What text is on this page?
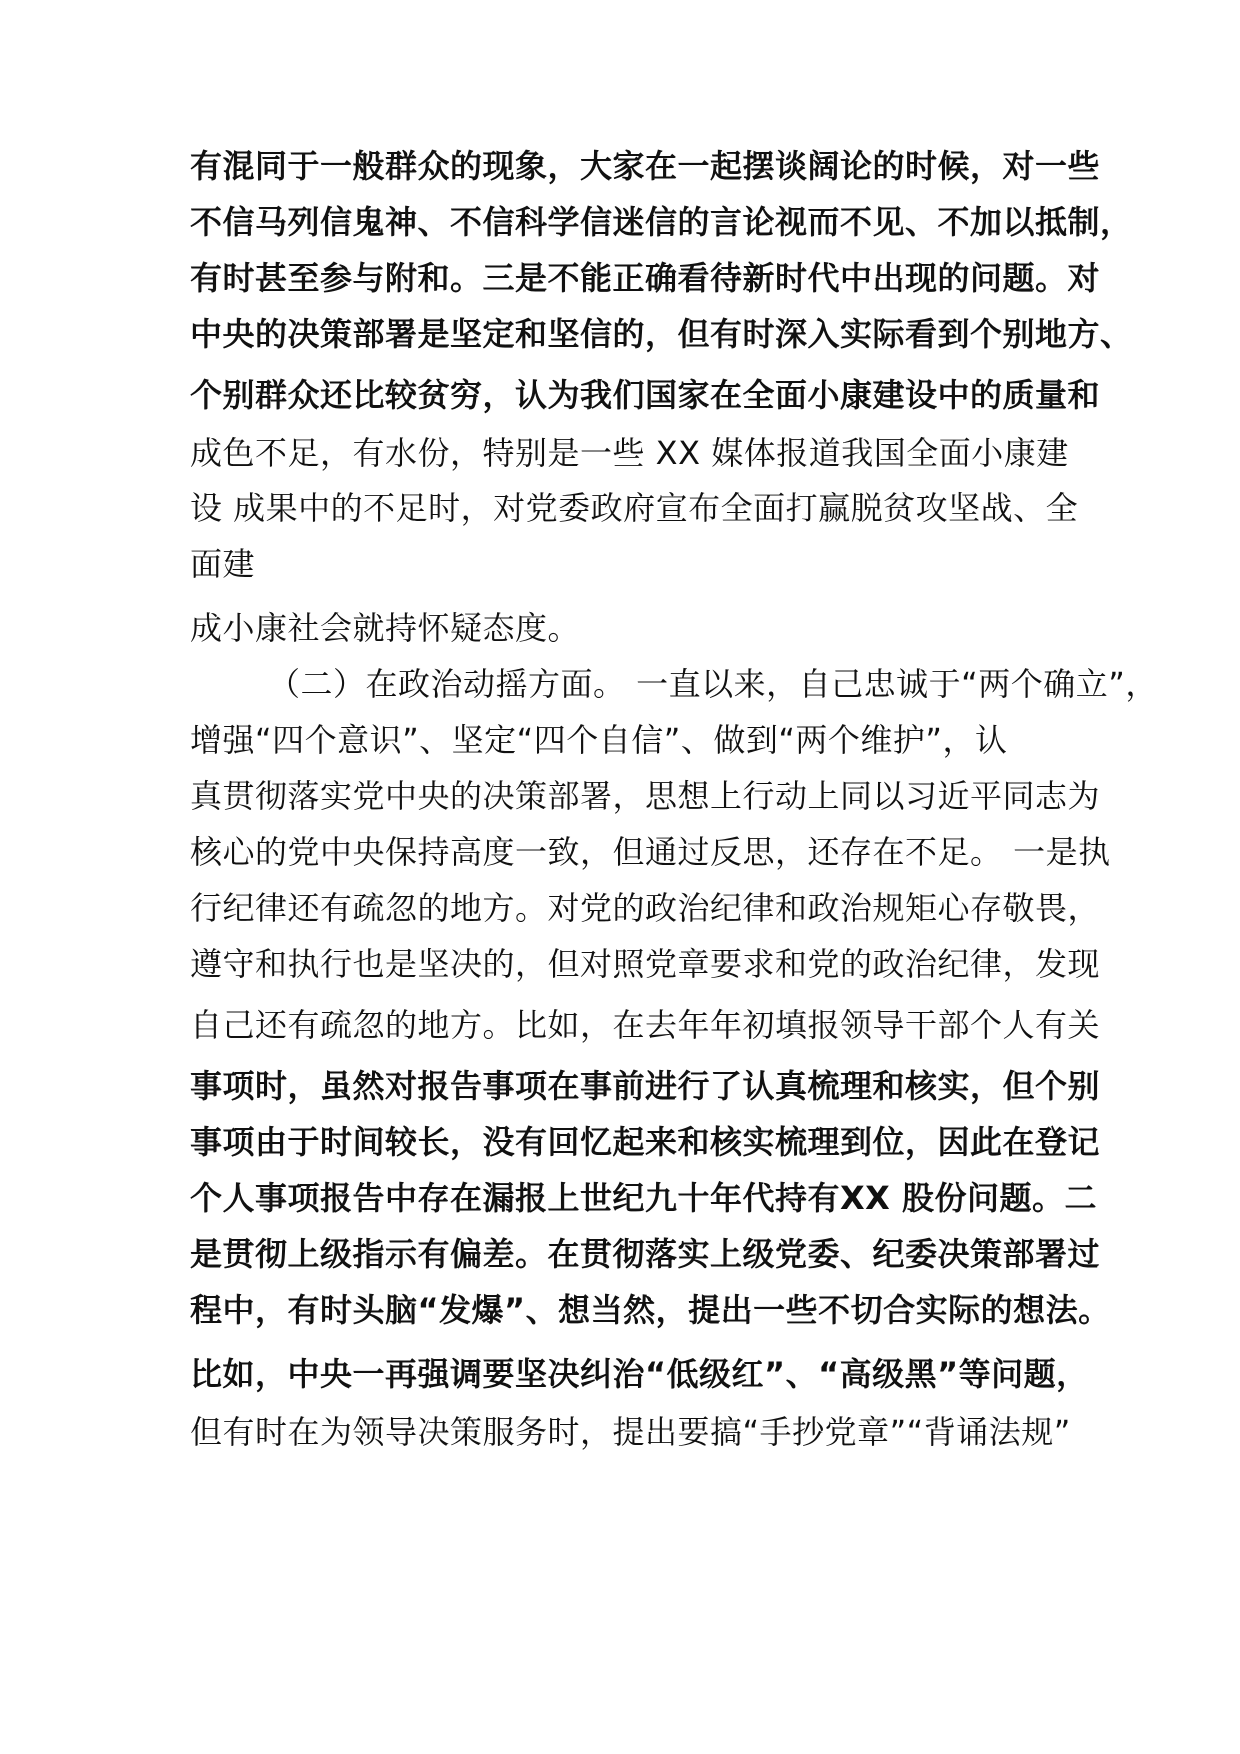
有混同于一般群众的现象，大家在一起摆谈阔论的时候，对一些
不信马列信鬼神、不信科学信迷信的言论视而不见、不加以抵制，
有时甚至参与附和。三是不能正确看待新时代中出现的问题。对
中央的决策部署是坚定和坚信的，但有时深入实际看到个别地方、
个别群众还比较贫穷，认为我们国家在全面小康建设中的质量和
成色不足，有水份，特别是一些 XX 媒体报道我国全面小康建
设 成果中的不足时，对党委政府宣布全面打赢脱贫攻坚战、全
面建
成小康社会就持怀疑态度。
（二）在政治动摇方面。 一直以来，自己忠诚于“两个确立”，
增强“四个意识”、坚定“四个自信”、做到“两个维护”，认
真贯彻落实党中央的决策部署，思想上行动上同以习近平同志为
核心的党中央保持高度一致，但通过反思，还存在不足。 一是执
行纪律还有疏忽的地方。对党的政治纪律和政治规矩心存敬畏，
遵守和执行也是坚决的，但对照党章要求和党的政治纪律，发现
自己还有疏忽的地方。比如，在去年年初填报领导干部个人有关
事项时，虽然对报告事项在事前进行了认真梳理和核实，但个别
事项由于时间较长，没有回忆起来和核实梳理到位，因此在登记
个人事项报告中存在漏报上世纪九十年代持有XX 股份问题。二
是贯彻上级指示有偏差。在贯彻落实上级党委、纪委决策部署过
程中，有时头脑“发爆”、想当然，提出一些不切合实际的想法。
比如，中央一再强调要坚决纠治“低级红”、“高级黑”等问题，
但有时在为领导决策服务时，提出要搞“手抄党章”“背诵法规”
